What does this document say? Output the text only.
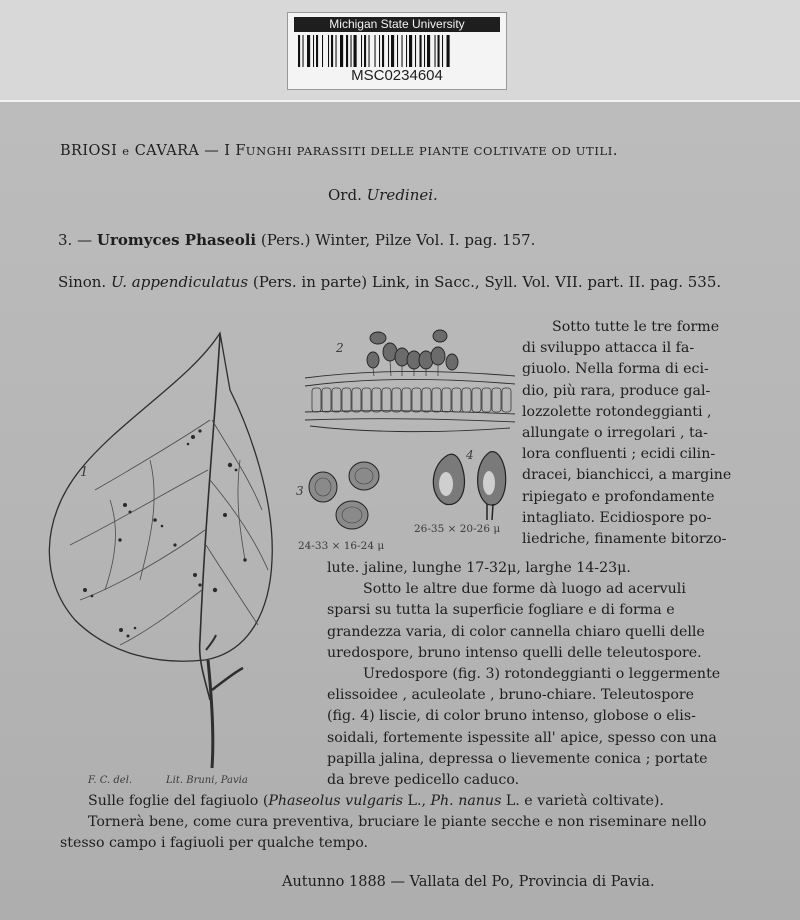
Michigan State University
MSC0234604
BRIOSI e CAVARA — I FUNGHI PARASSITI DELLE PIANTE COLTIVATE OD UTILI.
Ord. Uredinei.
3. — Uromyces Phaseoli (Pers.) Winter, Pilze Vol. I. pag. 157.
Sinon. U. appendiculatus (Pers. in parte) Link, in Sacc., Syll. Vol. VII. part. II. pag. 535.
1
2
3
4
24-33 × 16-24 μ
26-35 × 20-26 μ
F. C. del.	Lit. Bruni, Pavia
Sotto tutte le tre forme
di sviluppo attacca il fa-
giuolo. Nella forma di eci-
dio, più rara, produce gal-
lozzolette rotondeggianti ,
allungate o irregolari , ta-
lora confluenti ; ecidi cilin-
dracei, bianchicci, a margine
ripiegato e profondamente
intagliato. Ecidiospore po-
liedriche, finamente bitorzo-
lute. jaline, lunghe 17-32μ, larghe 14-23μ.
Sotto le altre due forme dà luogo ad acervuli
sparsi su tutta la superficie fogliare e di forma e
grandezza varia, di color cannella chiaro quelli delle
uredospore, bruno intenso quelli delle teleutospore.
Uredospore (fig. 3) rotondeggianti o leggermente
elissoidee , aculeolate , bruno-chiare. Teleutospore
(fig. 4) liscie, di color bruno intenso, globose o elis-
soidali, fortemente ispessite all' apice, spesso con una
papilla jalina, depressa o lievemente conica ; portate
da breve pedicello caduco.
Sulle foglie del fagiuolo (Phaseolus vulgaris L., Ph. nanus L. e varietà coltivate).
Tornerà bene, come cura preventiva, bruciare le piante secche e non riseminare nello stesso campo i fagiuoli per qualche tempo.
Autunno 1888 — Vallata del Po, Provincia di Pavia.
